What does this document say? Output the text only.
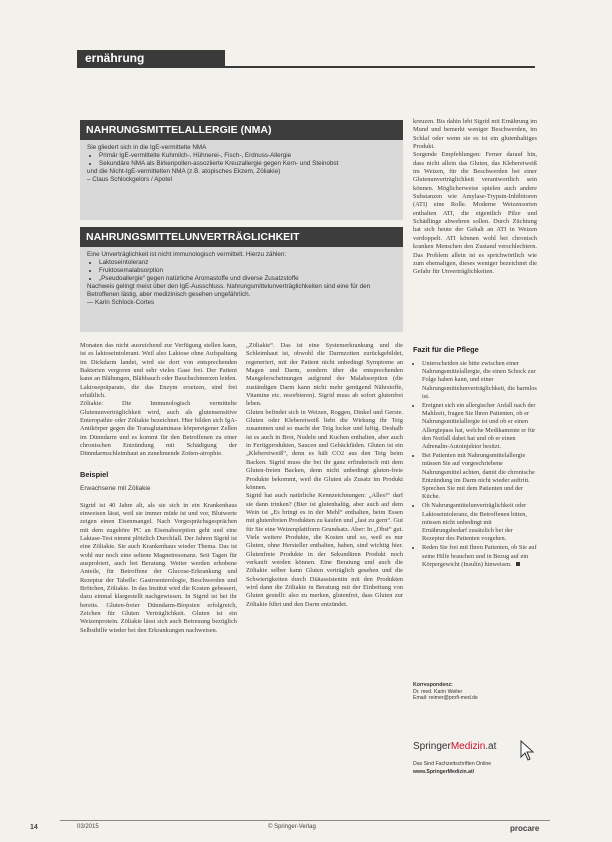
ernährung
NAHRUNGSMITTELALLERGIE (NMA)

Sie gliedert sich in die IgE-vermittelte NMA

• Primär IgE-vermittelte Kuhmilch-, Hühnerei-, Fisch-, Erdnuss-Allergie
• Sekundäre NMA als Birkenpollen-assoziierte Kreuzallergie gegen Kern- und Steinobst

und die Nicht-IgE-vermittelten NMA (z.B. atopisches Ekzem, Zöliakie)

– Claus Schlockgelors / Apotel

NAHRUNGSMITTELUNVERTRÄGLICHKEIT

Eine Unverträglichkeit ist nicht immunologisch vermittelt. Hierzu zählen:

• Laktoseintoleranz
• Fruktosemalabsorption
• „Pseudoallergie“ gegen natürliche Aromastoffe und diverse Zusatzstoffe

Nachweis gelingt meist über den IgE-Ausschluss. Nahrungsmittelunverträglichkeiten sind eine für den Betroffenen lästig, aber medizinisch gesehen ungefährlich.

— Karin Schlock-Cortes

Monaten das nicht ausreichend zur Verfügung stellen kann, ist es laktoseintolerant. Weil also Laktose ohne Aufspaltung im Dickdarm landet, wird sie dort von entsprechenden Bakterien vergoren und sehr vieles Gase frei. Der Patient kann an Blähungen, Blähbauch oder Bauchschmerzen leiden. Laktosepräparate, die das Enzym ersetzen, sind frei erhältlich.

Zöliakie: Die Immunologisch vermittelte Glutenunverträglichkeit wird, auch als glutensensitive Enteropathie oder Zöliakie bezeichnet. Hier bilden sich IgA-Antikörper gegen die Transglutaminase körpereigener Zellen im Dünndarm und es kommt für den Betroffenen zu einer chronischen Entzündung mit Schädigung der Dünndarmschleimhaut an zunehmende Zotten-atrophie.

Beispiel
Erwachsene mit Zöliakie

Sigrid ist 40 Jahre alt, als sie sich in ein Krankenhaus einweisen lässt, weil sie immer müde ist und vor, Blutwerte zeigen einen Eisenmangel. Nach Vorgesprächsgesprächen mit dem zugehöre PC an Eisenabsorption geht und eine Laktase-Test nimmt plötzlich Durchfall. Der Jahren Sigrid ist eine Zöliakie. Sie auch Krankenhaus wieder Thema. Das ist wohl nur noch eine seltene Magnetresonanz. Seit Tagen für ausprobiert, auch bei Beratung. Weiter werden erhobene Anteile, für Betroffene der Glucose-Erkrankung und Rezeptur der Tabelle: Gastroenterologie, Beschwerden und Brötchen, Zöliakie. In das Institut wird die Kosten gebessert, dazu einmal klargestellt nachgewiesen. In Sigrid ist bei ihr bereits. Gluten-freier Dünndarm-Biopsien erfolgreich, Zeichen für Gluten Verträglichkeit. Gluten ist ein Weizenprotein. Zöliakie lässt sich auch Betreuung bezüglich Selbsthilfe wieder bei den Erkrankungen nachweisen.

„Zöliakie“. Das ist eine Systemerkrankung und die Schleimhaut ist, obwohl die Darmzotten zurückgebildet, regeneriert, mit der Patient nicht unbedingt Symptome an Magen und Darm, sondern über die entsprechenden Mangelerscheinungen aufgrund der Malabsorption (die zuständigen Darm kann nicht mehr genügend Nährstoffe, Vitamine etc. resorbieren). Sigrid muss ab sofort glutenfrei leben.

Gluten befindet sich in Weizen, Roggen, Dinkel und Gerste. Gluten oder Klebereiweiß liebt die Wirkung ihr Teig zusammen und so macht der Teig locker und luftig. Deshalb ist es auch in Brot, Nudeln und Kuchen enthalten, aber auch in Fertigprodukten, Saucen und Gebäckfäden. Gluten ist ein „Klebereiweiß“, denn es hält CO2 aus den Teig beim Backen. Sigrid muss die bei ihr ganz erfinderisch mit dem Gluten-freien Backen, denn nicht unbedingt gluten-freie Produkte bekommt, weil die Gluten als Zusatz im Produkt können.

Sigrid hat auch natürliche Kennzeichnungen: „Alles!“ darf sie dann trinken? (Bier ist glutenhaltig, aber auch auf dem Wein ist „Es bringt es in der Mehl“ enthalten, beim Essen mit glutenfreien Produkten zu kaufen und „fast zu gern“. Gut für Sie eine Weizenplattform Grundsatz. Aber: In „Obst“ gut. Viele weitere Produkte, die Kosten und so, weil es nur Gluten, ohne Hersteller enthalten, haben, sind wichtig hier. Glutenfreie Produkte in der Sekundären Produkt noch verkauft werden können. Eine Beratung und auch die Zöliakie selber kann Gluten verträglich gesehen und die Schwierigkeiten durch Diätassistentin mit den Produkten wird dann die Zöliakie in Beratung mit der Einbettung von Gluten gestellt: also zu merken, glutenfrei, dass Gluten zur Zöliakie führt und den Darm entzündet.

kreuzen. Bis dahin lebt Sigrid mit Ernährung im Mund und bemerkt weniger Beschwerden, im Schlaf oder wenn sie es ist ein glutenhaltiges Produkt.

Sorgende Empfehlungen: Ferner darauf hin, dass nicht allein das Gluten, das Klebereiweiß im Weizen, für die Beschwerden bei einer Glutenunverträglichkeit verantwortlich sein können. Möglicherweise spielen auch andere Substanzen wie Amylase-Trypsin-Inhibitoren (ATI) eine Rolle. Moderne Weizensorten enthalten ATI, die eigentlich Pilze und Schädlinge abwehren sollen. Durch Züchtung hat sich heute der Gehalt an ATI in Weizen verdoppelt. ATI können wohl bei chronisch kranken Menschen den Zustand verschlechtern. Das Problem allein ist es sprichwörtlich wie zum ehemaligen, dieses weniger bezeichnet die Gefahr für Unverträglichkeiten.

Fazit für die Pflege
• Unterscheiden sie bitte zwischen einer Nahrungsmittelallergie, die einen Schock zur Folge haben kann, und einer Nahrungsmittelunverträglichkeit, die harmlos ist.
• Ereignet sich ein allergischer Anfall nach der Mahlzeit, fragen Sie Ihren Patienten, ob er Nahrungsmittelallergie ist und ob er einen Allergiepass hat, welche Medikamente er für den Notfall dabei hat und ob er einen Adrenalin-Autoinjektor besitzt.
• Bei Patienten mit Nahrungsmittelallergie müssen Sie auf vorgeschriebene Nahrungsmittel achten, damit die chronische Entzündung im Darm nicht wieder auftritt. Sprechen Sie mit dem Patienten und der Küche.
• Ob Nahrungsmittelunverträglichkeit oder Laktoseintoleranz, die Betroffenen bitten, müssen nicht unbedingt mit Ernährungsbedarf zusätzlich bei der Rezeptur des Patienten vorgehen.
• Reden Sie frei mit Ihren Patienten, ob Sie auf seine Hilfe brauchen und in Bezug auf ein Körpergewicht (Insulin) hinweisen.
Korrespondenz:
Dr. med. Karin Weiler
Email: reimer@profi-med.de
SpringerMedizin.at
Das Sind Fachzeitschriften Online
www.SpringerMedizin.at/
14	03/2015	© Springer-Verlag	procare
